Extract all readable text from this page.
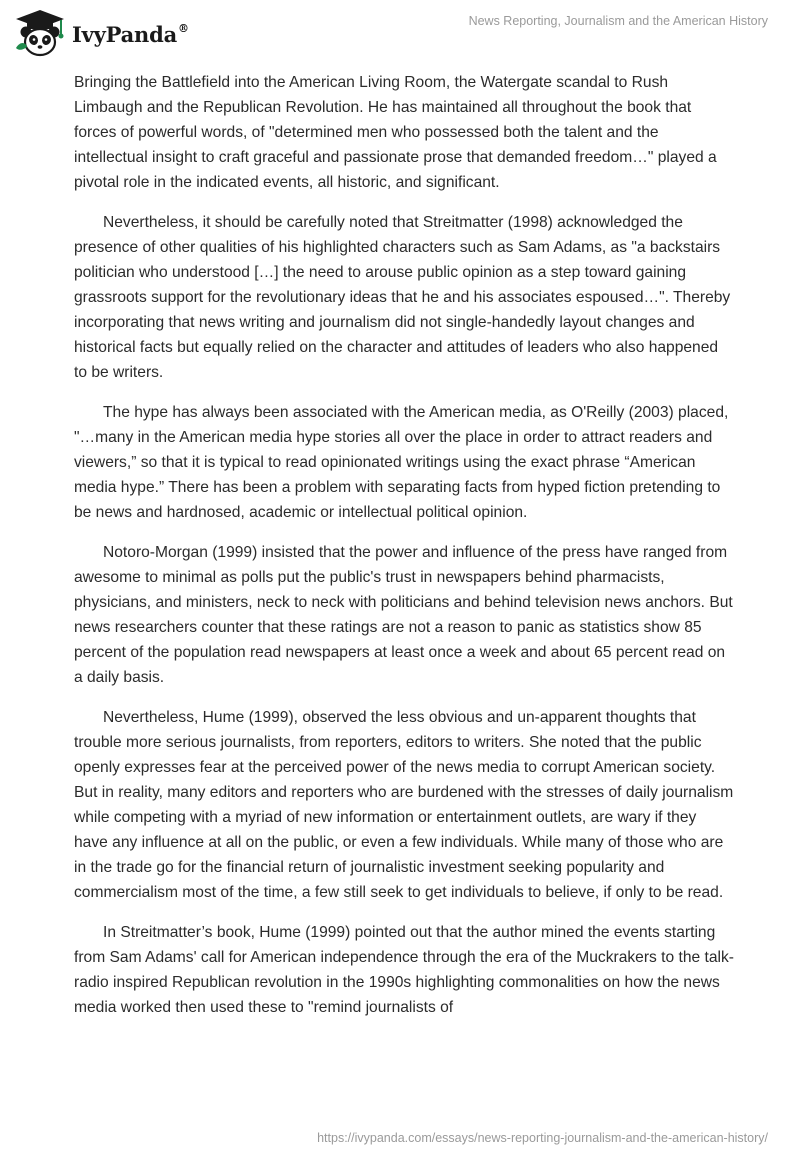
IvyPanda®	News Reporting, Journalism and the American History

Bringing the Battlefield into the American Living Room, the Watergate scandal to Rush Limbaugh and the Republican Revolution. He has maintained all throughout the book that forces of powerful words, of "determined men who possessed both the talent and the intellectual insight to craft graceful and passionate prose that demanded freedom…" played a pivotal role in the indicated events, all historic, and significant.

Nevertheless, it should be carefully noted that Streitmatter (1998) acknowledged the presence of other qualities of his highlighted characters such as Sam Adams, as "a backstairs politician who understood […] the need to arouse public opinion as a step toward gaining grassroots support for the revolutionary ideas that he and his associates espoused…". Thereby incorporating that news writing and journalism did not single-handedly layout changes and historical facts but equally relied on the character and attitudes of leaders who also happened to be writers.

The hype has always been associated with the American media, as O'Reilly (2003) placed, "…many in the American media hype stories all over the place in order to attract readers and viewers,” so that it is typical to read opinionated writings using the exact phrase “American media hype.” There has been a problem with separating facts from hyped fiction pretending to be news and hardnosed, academic or intellectual political opinion.

Notoro-Morgan (1999) insisted that the power and influence of the press have ranged from awesome to minimal as polls put the public's trust in newspapers behind pharmacists, physicians, and ministers, neck to neck with politicians and behind television news anchors. But news researchers counter that these ratings are not a reason to panic as statistics show 85 percent of the population read newspapers at least once a week and about 65 percent read on a daily basis.

Nevertheless, Hume (1999), observed the less obvious and un-apparent thoughts that trouble more serious journalists, from reporters, editors to writers. She noted that the public openly expresses fear at the perceived power of the news media to corrupt American society. But in reality, many editors and reporters who are burdened with the stresses of daily journalism while competing with a myriad of new information or entertainment outlets, are wary if they have any influence at all on the public, or even a few individuals. While many of those who are in the trade go for the financial return of journalistic investment seeking popularity and commercialism most of the time, a few still seek to get individuals to believe, if only to be read.

In Streitmatter’s book, Hume (1999) pointed out that the author mined the events starting from Sam Adams' call for American independence through the era of the Muckrakers to the talk-radio inspired Republican revolution in the 1990s highlighting commonalities on how the news media worked then used these to "remind journalists of

https://ivypanda.com/essays/news-reporting-journalism-and-the-american-history/
